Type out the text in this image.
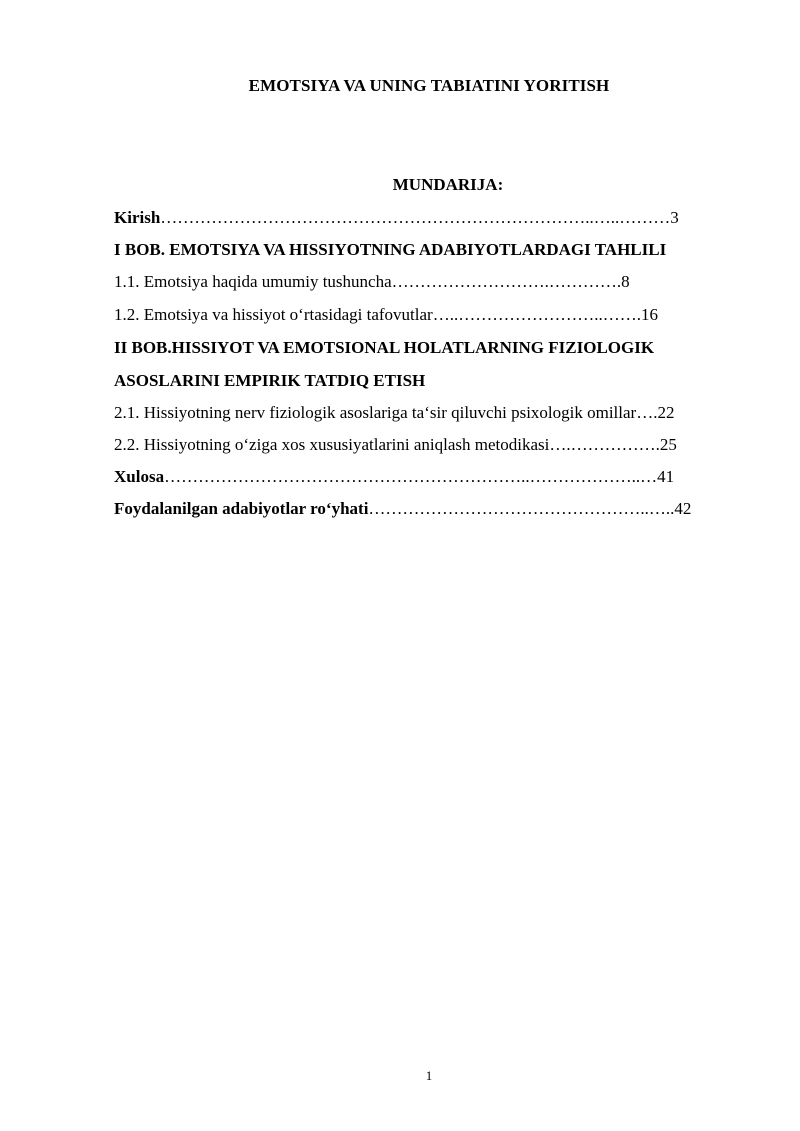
EMOTSIYA VA UNING TABIATINI YORITISH
MUNDARIJA:
Kirish…………………………………………………………………..…..………3
I BOB. EMOTSIYA VA HISSIYOTNING ADABIYOTLARDAGI TAHLILI
1.1. Emotsiya haqida umumiy tushuncha……………………….………….8
1.2. Emotsiya va hissiyot o‘rtasidagi tafovutlar…..……………………..…….16
II BOB.HISSIYOT VA EMOTSIONAL HOLATLARNING FIZIOLOGIK
ASOSLARINI EMPIRIK TATDIQ ETISH
2.1. Hissiyotning nerv fiziologik asoslariga ta‘sir qiluvchi psixologik omillar….22
2.2. Hissiyotning o‘ziga xos xususiyatlarini aniqlash metodikasi….…………….25
Xulosa………………………………………………………..………………..…41
Foydalanilgan adabiyotlar ro‘yhati…………………………………………..…..42
1
